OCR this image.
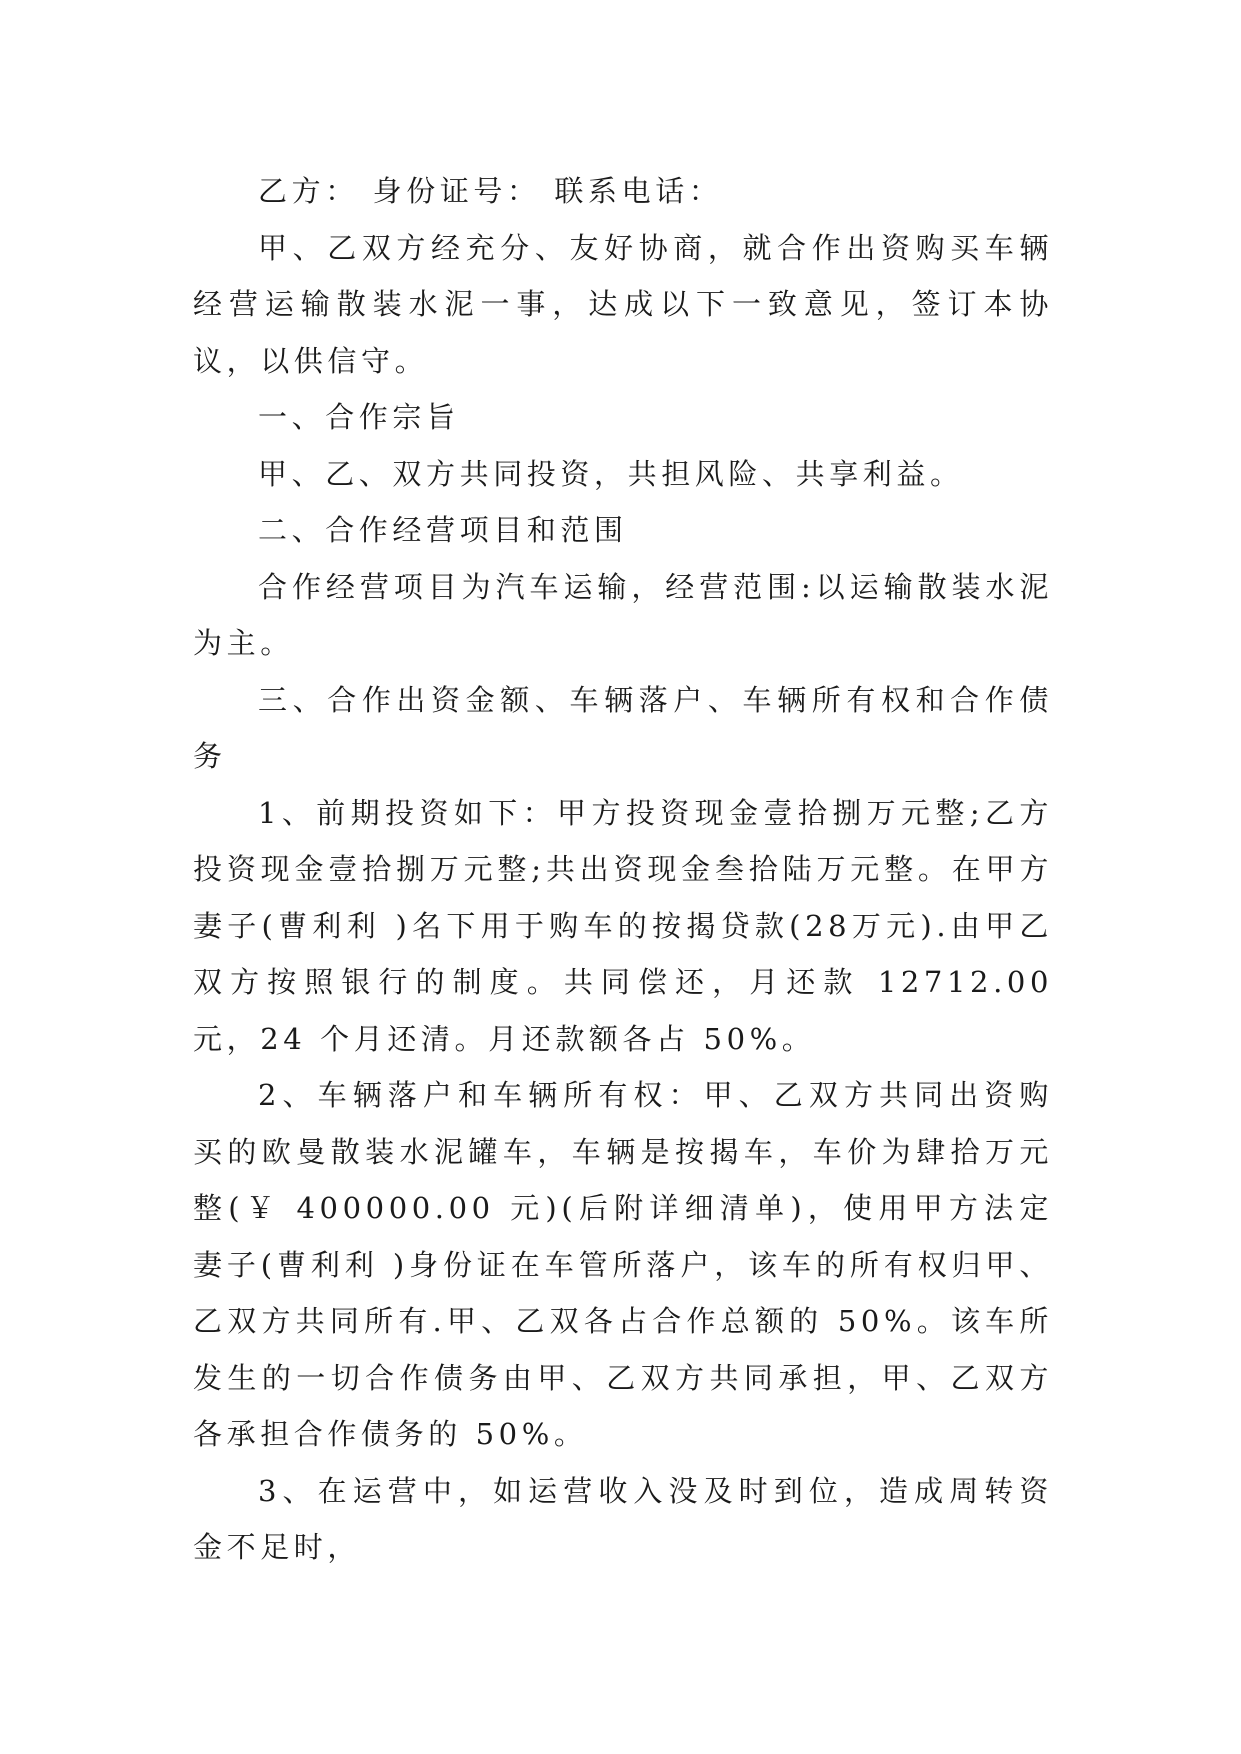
乙方： 身份证号： 联系电话：

甲、乙双方经充分、友好协商，就合作出资购买车辆经营运输散装水泥一事，达成以下一致意见，签订本协议，以供信守。

一、合作宗旨

甲、乙、双方共同投资，共担风险、共享利益。

二、合作经营项目和范围

合作经营项目为汽车运输，经营范围:以运输散装水泥为主。

三、合作出资金额、车辆落户、车辆所有权和合作债务

1、前期投资如下：甲方投资现金壹拾捌万元整;乙方投资现金壹拾捌万元整;共出资现金叁拾陆万元整。在甲方妻子(曹利利 )名下用于购车的按揭贷款(28万元).由甲乙双方按照银行的制度。共同偿还，月还款 12712.00 元，24 个月还清。月还款额各占 50%。

2、车辆落户和车辆所有权：甲、乙双方共同出资购买的欧曼散装水泥罐车，车辆是按揭车，车价为肆拾万元整(￥ 400000.00 元)(后附详细清单)，使用甲方法定妻子(曹利利 )身份证在车管所落户，该车的所有权归甲、乙双方共同所有.甲、乙双各占合作总额的 50%。该车所发生的一切合作债务由甲、乙双方共同承担，甲、乙双方各承担合作债务的 50%。

3、在运营中，如运营收入没及时到位，造成周转资金不足时，
